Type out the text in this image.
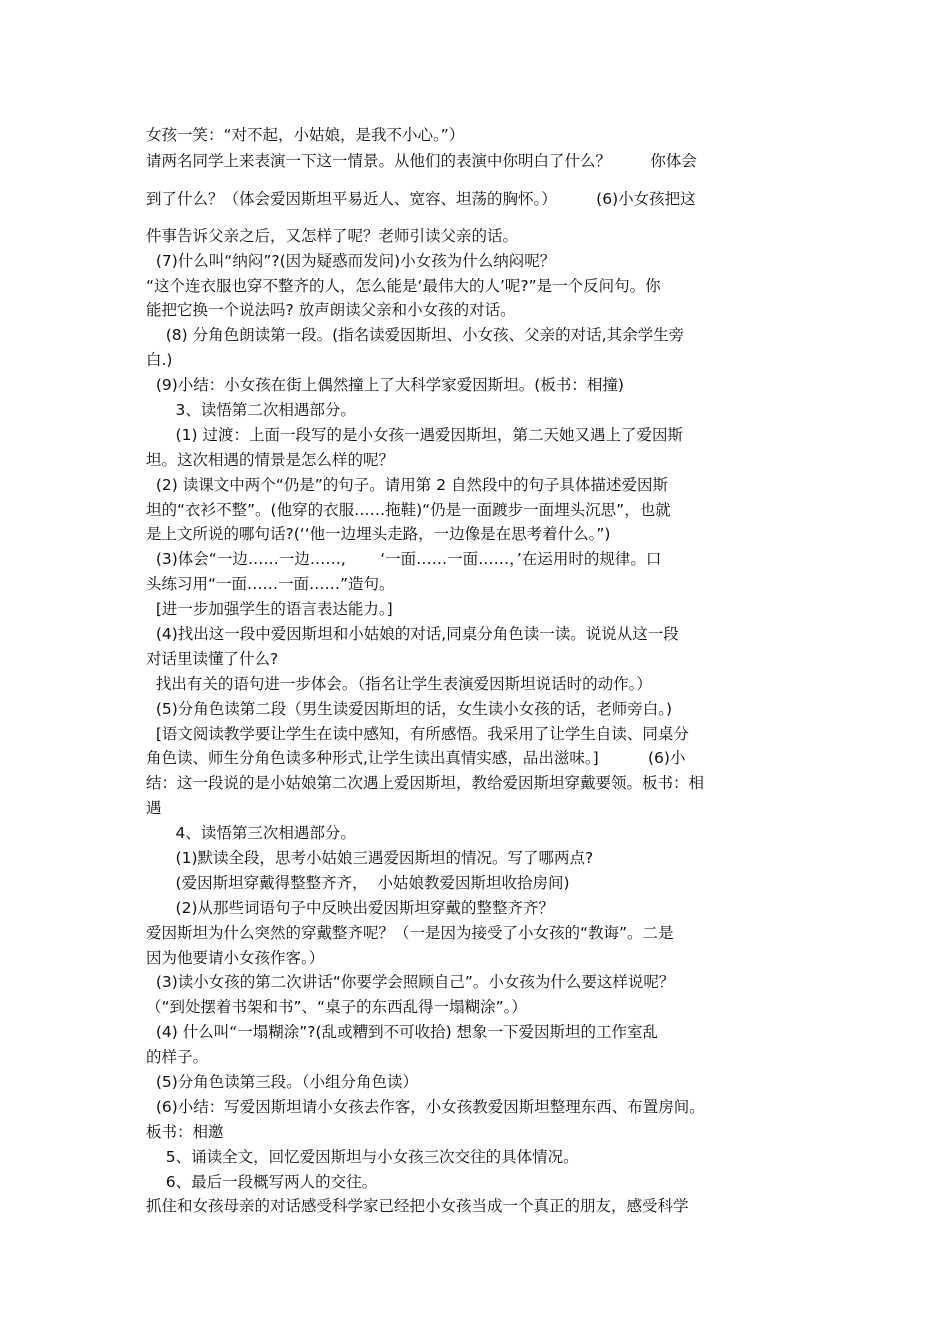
女孩一笑：“对不起，小姑娘，是我不小心。”）
请两名同学上来表演一下这一情景。从他们的表演中你明白了什么？        你体会
到了什么？（体会爱因斯坦平易近人、宽容、坦荡的胸怀。）        (6)小女孩把这
件事告诉父亲之后，又怎样了呢？老师引读父亲的话。
(7)什么叫“纳闷”?(因为疑惑而发问)小女孩为什么纳闷呢？
“这个连衣服也穿不整齐的人，怎么能是‘最伟大的人’呢?”是一个反问句。你
能把它换一个说法吗? 放声朗读父亲和小女孩的对话。
(8) 分角色朗读第一段。(指名读爱因斯坦、小女孩、父亲的对话,其余学生旁
白.)
(9)小结：小女孩在街上偶然撞上了大科学家爱因斯坦。(板书：相撞)
3、读悟第二次相遇部分。
(1) 过渡：上面一段写的是小女孩一遇爱因斯坦，第二天她又遇上了爱因斯
坦。这次相遇的情景是怎么样的呢？
(2) 读课文中两个“仍是”的句子。请用第 2 自然段中的句子具体描述爱因斯
坦的“衣衫不整”。(他穿的衣服……拖鞋)“仍是一面踱步一面埋头沉思”，也就
是上文所说的哪句话?(‘‘他一边埋头走路，一边像是在思考着什么。”)
(3)体会“一边……一边……,       ‘一面……一面……，’在运用时的规律。口
头练习用“一面……一面……”造句。
[进一步加强学生的语言表达能力。]
(4)找出这一段中爱因斯坦和小姑娘的对话,同桌分角色读一读。说说从这一段
对话里读懂了什么?
找出有关的语句进一步体会。（指名让学生表演爱因斯坦说话时的动作。）
(5)分角色读第二段（男生读爱因斯坦的话，女生读小女孩的话，老师旁白。)
[语文阅读教学要让学生在读中感知，有所感悟。我采用了让学生自读、同桌分
角色读、师生分角色读多种形式,让学生读出真情实感，品出滋味。]          (6)小
结：这一段说的是小姑娘第二次遇上爱因斯坦，教给爱因斯坦穿戴要领。板书：相
遇
4、读悟第三次相遇部分。
(1)默读全段，思考小姑娘三遇爱因斯坦的情况。写了哪两点?
(爱因斯坦穿戴得整整齐齐，  小姑娘教爱因斯坦收拾房间)
(2)从那些词语句子中反映出爱因斯坦穿戴的整整齐齐？
爱因斯坦为什么突然的穿戴整齐呢？（一是因为接受了小女孩的“教诲”。二是
因为他要请小女孩作客。）
(3)读小女孩的第二次讲话“你要学会照顾自己”。小女孩为什么要这样说呢？
（“到处摆着书架和书”、“桌子的东西乱得一塌糊涂”。）
(4) 什么叫“一塌糊涂”?(乱或糟到不可收拾) 想象一下爱因斯坦的工作室乱
的样子。
(5)分角色读第三段。（小组分角色读）
(6)小结：写爱因斯坦请小女孩去作客，小女孩教爱因斯坦整理东西、布置房间。
板书：相邀
5、诵读全文，回忆爱因斯坦与小女孩三次交往的具体情况。
6、最后一段概写两人的交往。
抓住和女孩母亲的对话感受科学家已经把小女孩当成一个真正的朋友，感受科学
